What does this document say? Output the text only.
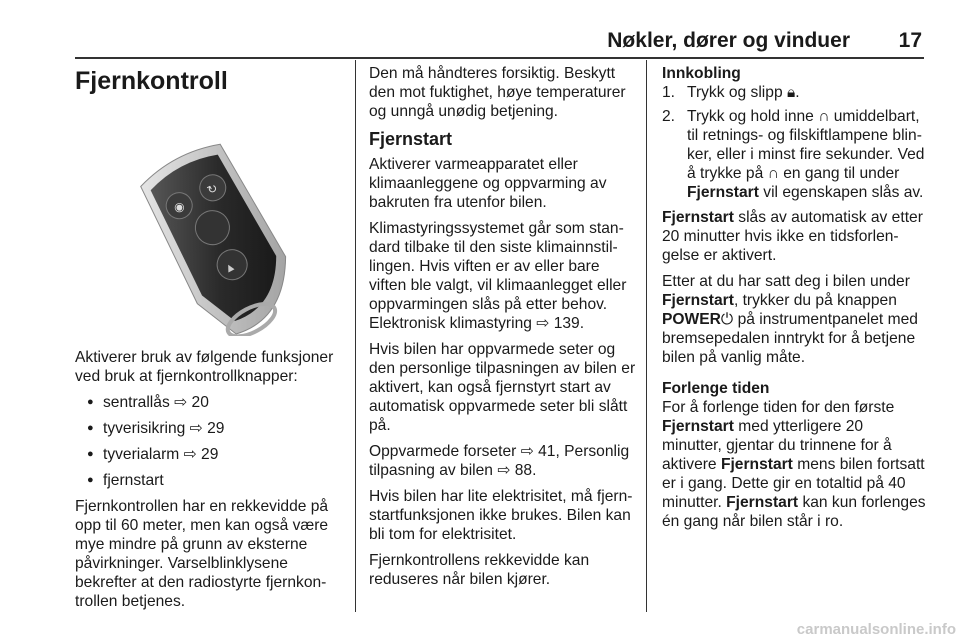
Nøkler, dører og vinduer 17
Fjernkontroll
◉
↻
▲

Aktiverer bruk av følgende funksjoner ved bruk at fjernkontrollknapper:

● sentrallås ⇨ 20
● tyverisikring ⇨ 29
● tyverialarm ⇨ 29
● fjernstart

Fjernkontrollen har en rekkevidde på opp til 60 meter, men kan også være mye mindre på grunn av eksterne påvirkninger. Varselblinklysene bekrefter at den radiostyrte fjernkontrollen betjenes.

Den må håndteres forsiktig. Beskytt den mot fuktighet, høye temperaturer og unngå unødig betjening.

Fjernstart

Aktiverer varmeapparatet eller klimaanleggene og oppvarming av bakruten fra utenfor bilen.

Klimastyringssystemet går som standard tilbake til den siste klimainnstillingen. Hvis viften er av eller bare viften ble valgt, vil klimaanlegget eller oppvarmingen slås på etter behov. Elektronisk klimastyring ⇨ 139.

Hvis bilen har oppvarmede seter og den personlige tilpasningen av bilen er aktivert, kan også fjernstyrt start av automatisk oppvarmede seter bli slått på.

Oppvarmede forseter ⇨ 41, Personlig tilpasning av bilen ⇨ 88.

Hvis bilen har lite elektrisitet, må fjernstartfunksjonen ikke brukes. Bilen kan bli tom for elektrisitet.

Fjernkontrollens rekkevidde kan reduseres når bilen kjører.

Innkobling
1. Trykk og slipp 🔒︎.
2. Trykk og hold inne ∩ umiddelbart, til retnings- og filskiftlampene blinker, eller i minst fire sekunder. Ved å trykke på ∩ en gang til under Fjernstart vil egenskapen slås av.

Fjernstart slås av automatisk av etter 20 minutter hvis ikke en tidsforlengelse er aktivert.

Etter at du har satt deg i bilen under Fjernstart, trykker du på knappen POWER⏻ på instrumentpanelet med bremsepedalen inntrykt for å betjene bilen på vanlig måte.

Forlenge tiden

For å forlenge tiden for den første Fjernstart med ytterligere 20 minutter, gjentar du trinnene for å aktivere Fjernstart mens bilen fortsatt er i gang. Dette gir en totaltid på 40 minutter. Fjernstart kan kun forlenges én gang når bilen står i ro.

carmanualsonline.info
